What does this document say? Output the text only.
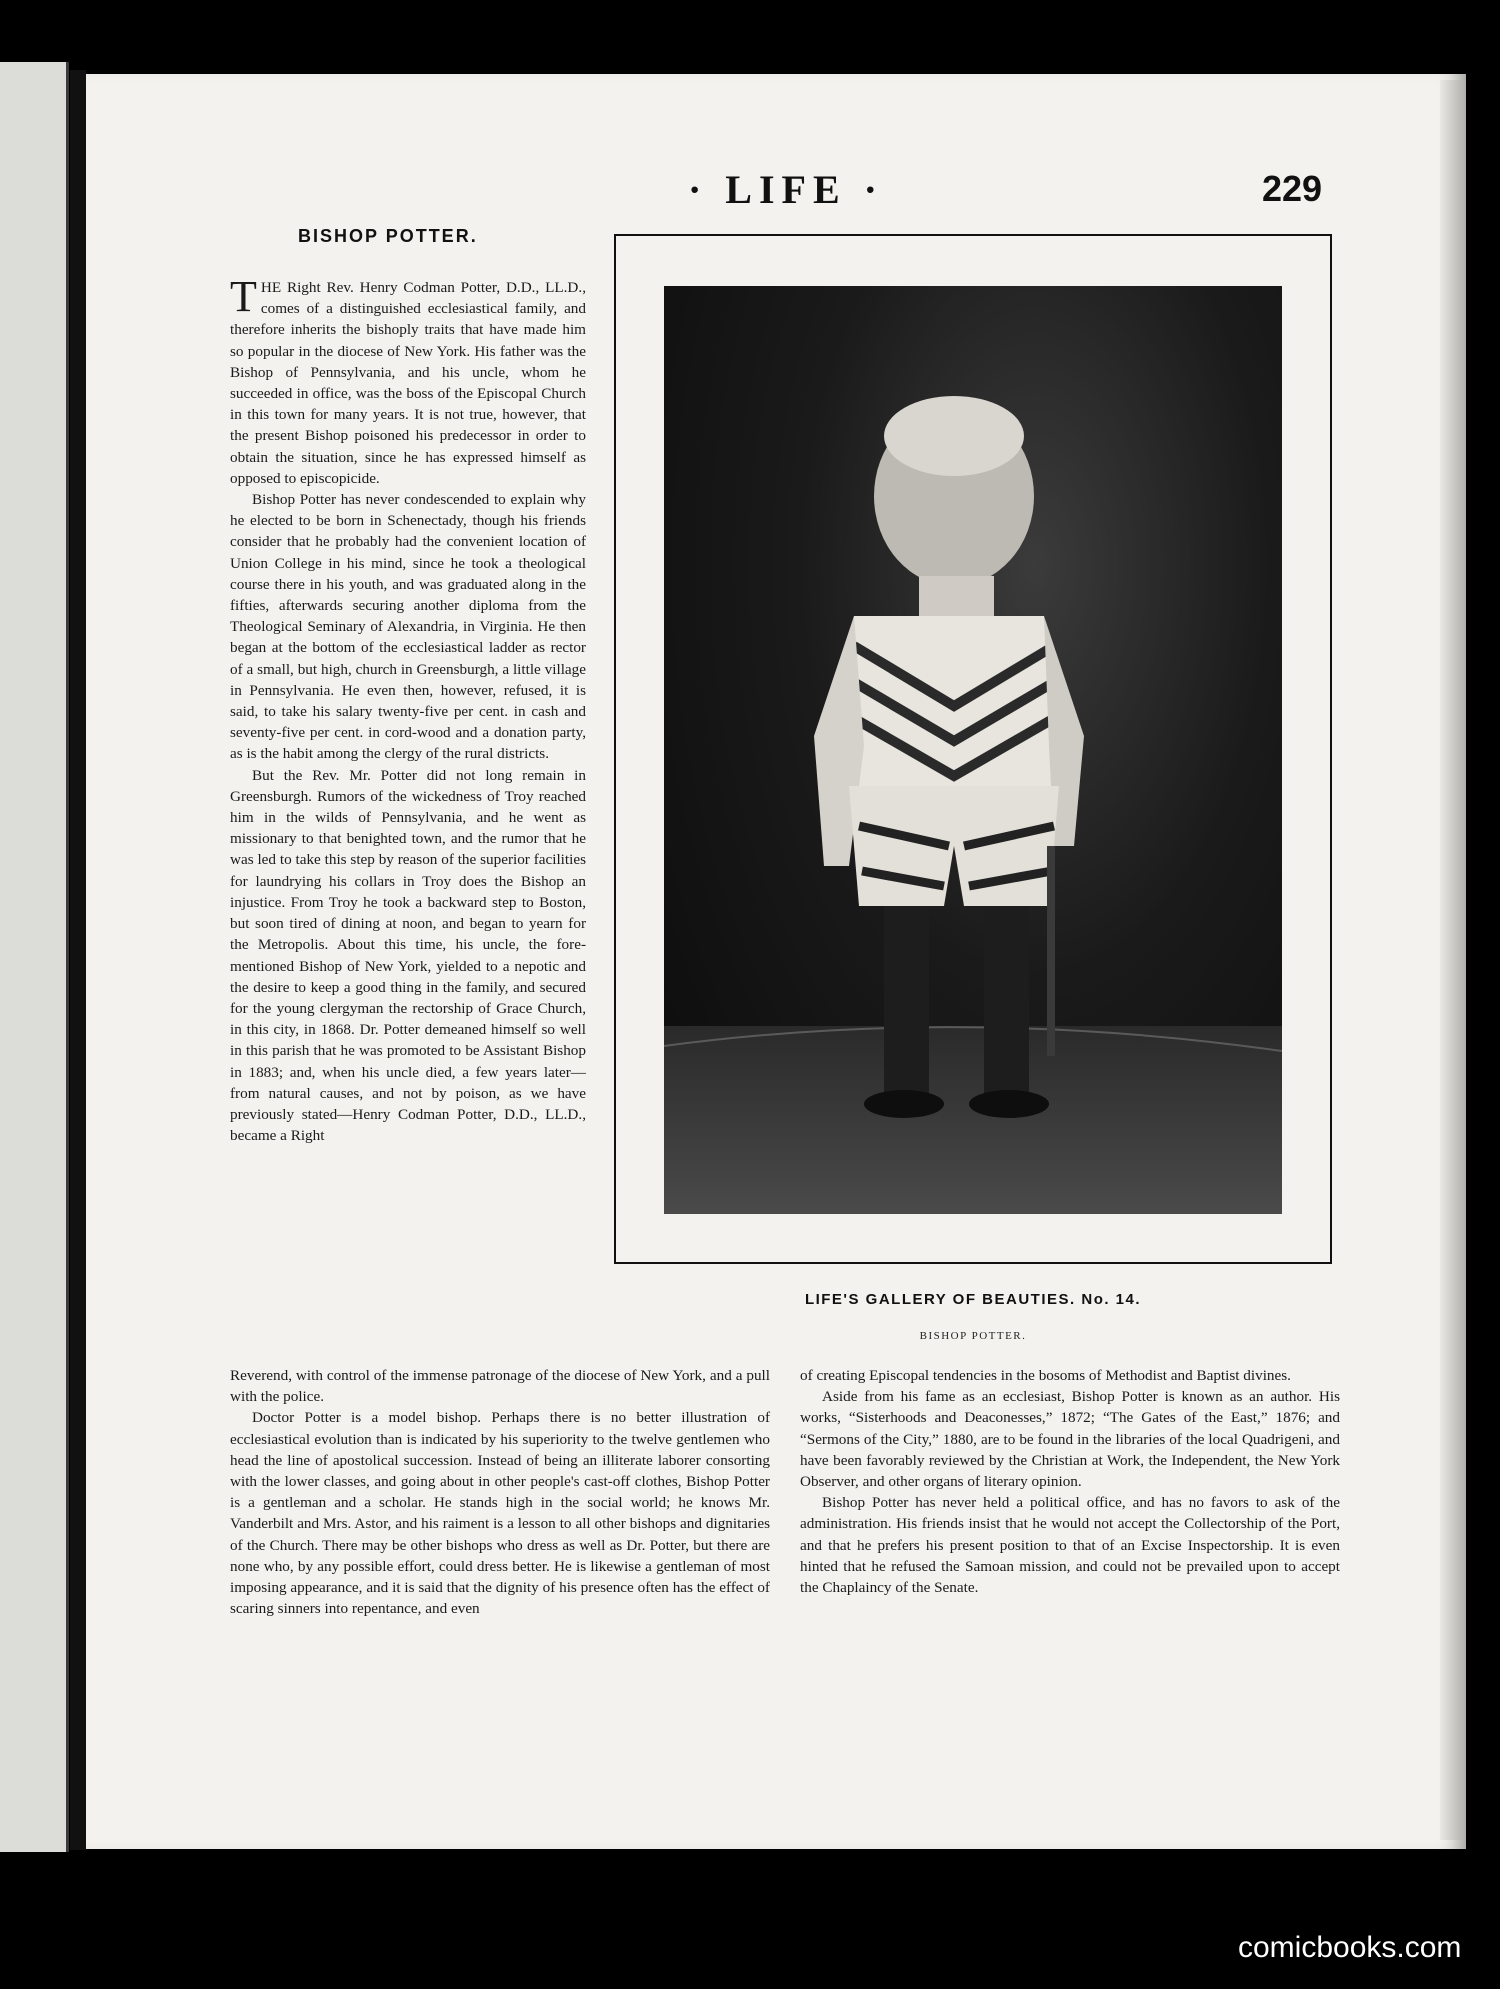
· LIFE ·	229
BISHOP POTTER.

THE Right Rev. Henry Codman Potter, D.D., LL.D., comes of a distinguished ecclesiastical family, and therefore inherits the bishoply traits that have made him so popular in the diocese of New York. His father was the Bishop of Pennsylvania, and his uncle, whom he succeeded in office, was the boss of the Episcopal Church in this town for many years. It is not true, however, that the present Bishop poisoned his predecessor in order to obtain the situation, since he has expressed himself as opposed to episcopicide.

Bishop Potter has never condescended to explain why he elected to be born in Schenectady, though his friends consider that he probably had the convenient location of Union College in his mind, since he took a theological course there in his youth, and was graduated along in the fifties, afterwards securing another diploma from the Theological Seminary of Alexandria, in Virginia. He then began at the bottom of the ecclesiastical ladder as rector of a small, but high, church in Greensburgh, a little village in Pennsylvania. He even then, however, refused, it is said, to take his salary twenty-five per cent. in cash and seventy-five per cent. in cord-wood and a donation party, as is the habit among the clergy of the rural districts.

But the Rev. Mr. Potter did not long remain in Greensburgh. Rumors of the wickedness of Troy reached him in the wilds of Pennsylvania, and he went as missionary to that benighted town, and the rumor that he was led to take this step by reason of the superior facilities for laundrying his collars in Troy does the Bishop an injustice. From Troy he took a backward step to Boston, but soon tired of dining at noon, and began to yearn for the Metropolis. About this time, his uncle, the fore-mentioned Bishop of New York, yielded to a nepotic and the desire to keep a good thing in the family, and secured for the young clergyman the rectorship of Grace Church, in this city, in 1868. Dr. Potter demeaned himself so well in this parish that he was promoted to be Assistant Bishop in 1883; and, when his uncle died, a few years later—from natural causes, and not by poison, as we have previously stated—Henry Codman Potter, D.D., LL.D., became a Right

LIFE'S GALLERY OF BEAUTIES. No. 14.
BISHOP POTTER.

Reverend, with control of the immense patronage of the diocese of New York, and a pull with the police.

Doctor Potter is a model bishop. Perhaps there is no better illustration of ecclesiastical evolution than is indicated by his superiority to the twelve gentlemen who head the line of apostolical succession. Instead of being an illiterate laborer consorting with the lower classes, and going about in other people's cast-off clothes, Bishop Potter is a gentleman and a scholar. He stands high in the social world; he knows Mr. Vanderbilt and Mrs. Astor, and his raiment is a lesson to all other bishops and dignitaries of the Church. There may be other bishops who dress as well as Dr. Potter, but there are none who, by any possible effort, could dress better. He is likewise a gentleman of most imposing appearance, and it is said that the dignity of his presence often has the effect of scaring sinners into repentance, and even

of creating Episcopal tendencies in the bosoms of Methodist and Baptist divines.

Aside from his fame as an ecclesiast, Bishop Potter is known as an author. His works, “Sisterhoods and Deaconesses,” 1872; “The Gates of the East,” 1876; and “Sermons of the City,” 1880, are to be found in the libraries of the local Quadrigeni, and have been favorably reviewed by the Christian at Work, the Independent, the New York Observer, and other organs of literary opinion.

Bishop Potter has never held a political office, and has no favors to ask of the administration. His friends insist that he would not accept the Collectorship of the Port, and that he prefers his present position to that of an Excise Inspectorship. It is even hinted that he refused the Samoan mission, and could not be prevailed upon to accept the Chaplaincy of the Senate.

comicbooks.com
